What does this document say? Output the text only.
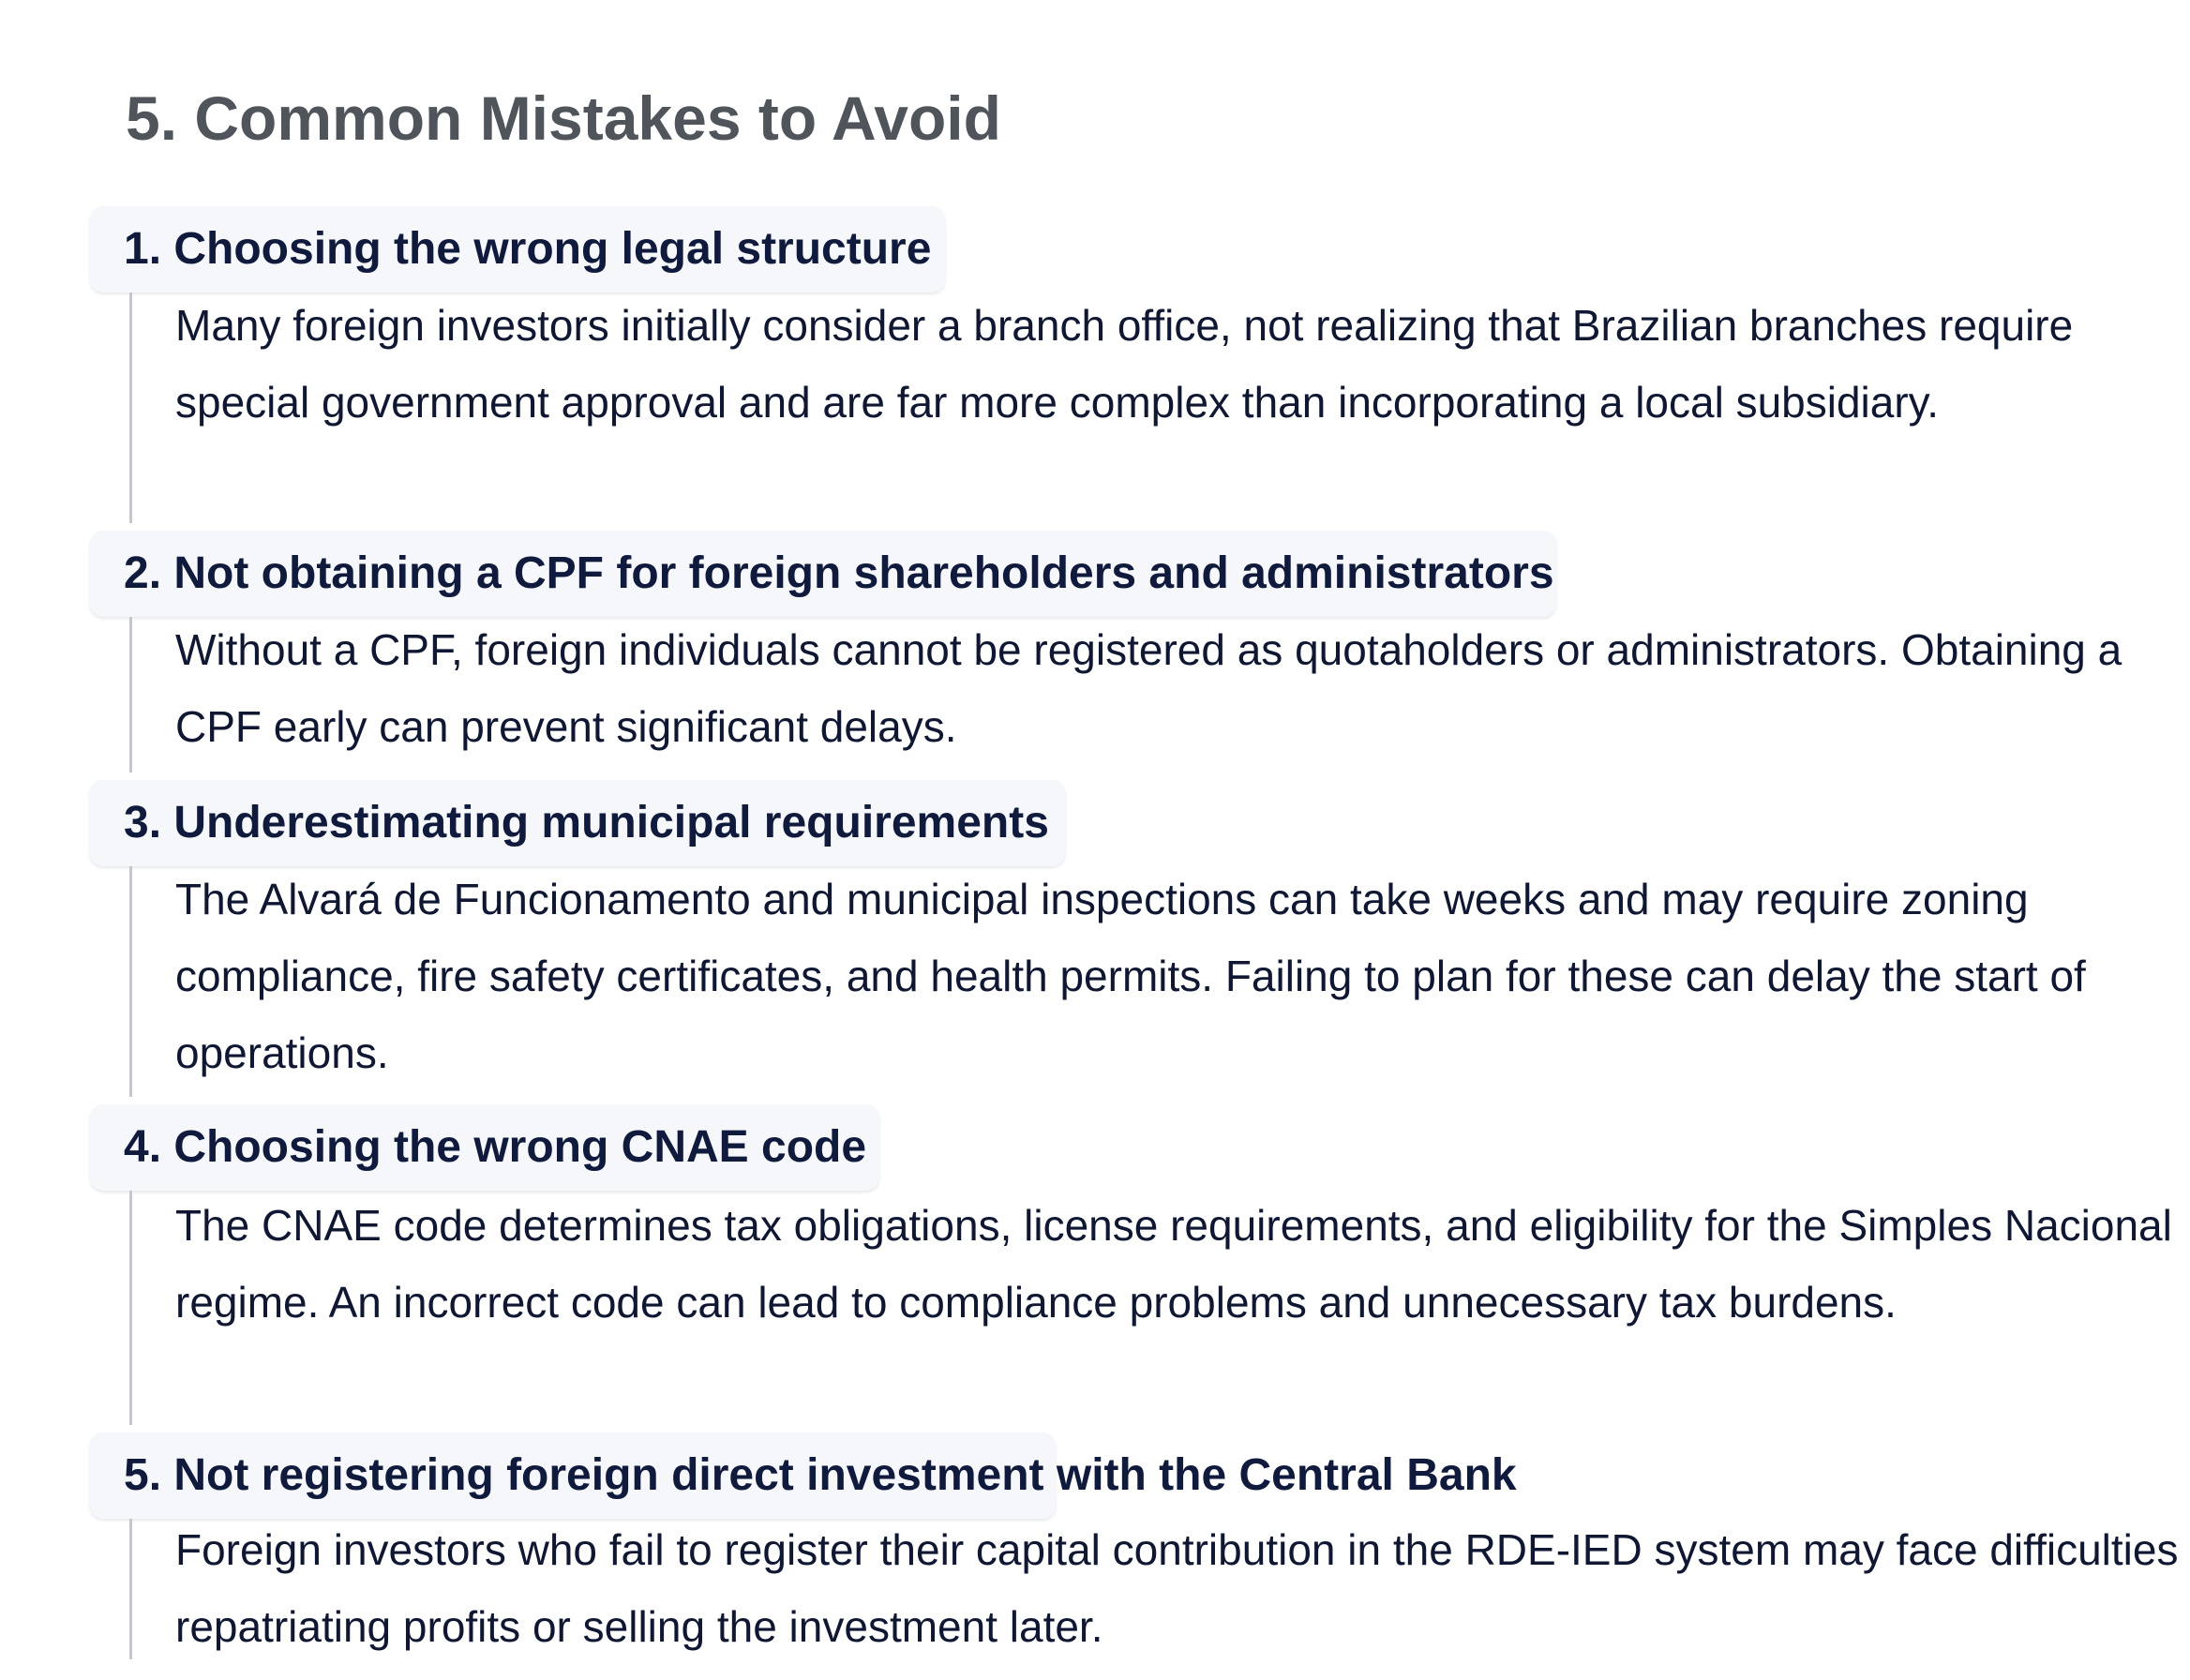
5. Common Mistakes to Avoid
1. Choosing the wrong legal structure

Many foreign investors initially consider a branch office, not realizing that Brazilian branches require special government approval and are far more complex than incorporating a local subsidiary.

2. Not obtaining a CPF for foreign shareholders and administrators

Without a CPF, foreign individuals cannot be registered as quotaholders or administrators. Obtaining a CPF early can prevent significant delays.

3. Underestimating municipal requirements

The Alvará de Funcionamento and municipal inspections can take weeks and may require zoning compliance, fire safety certificates, and health permits. Failing to plan for these can delay the start of operations.

4. Choosing the wrong CNAE code

The CNAE code determines tax obligations, license requirements, and eligibility for the Simples Nacional regime. An incorrect code can lead to compliance problems and unnecessary tax burdens.

5. Not registering foreign direct investment with the Central Bank

Foreign investors who fail to register their capital contribution in the RDE-IED system may face difficulties repatriating profits or selling the investment later.
